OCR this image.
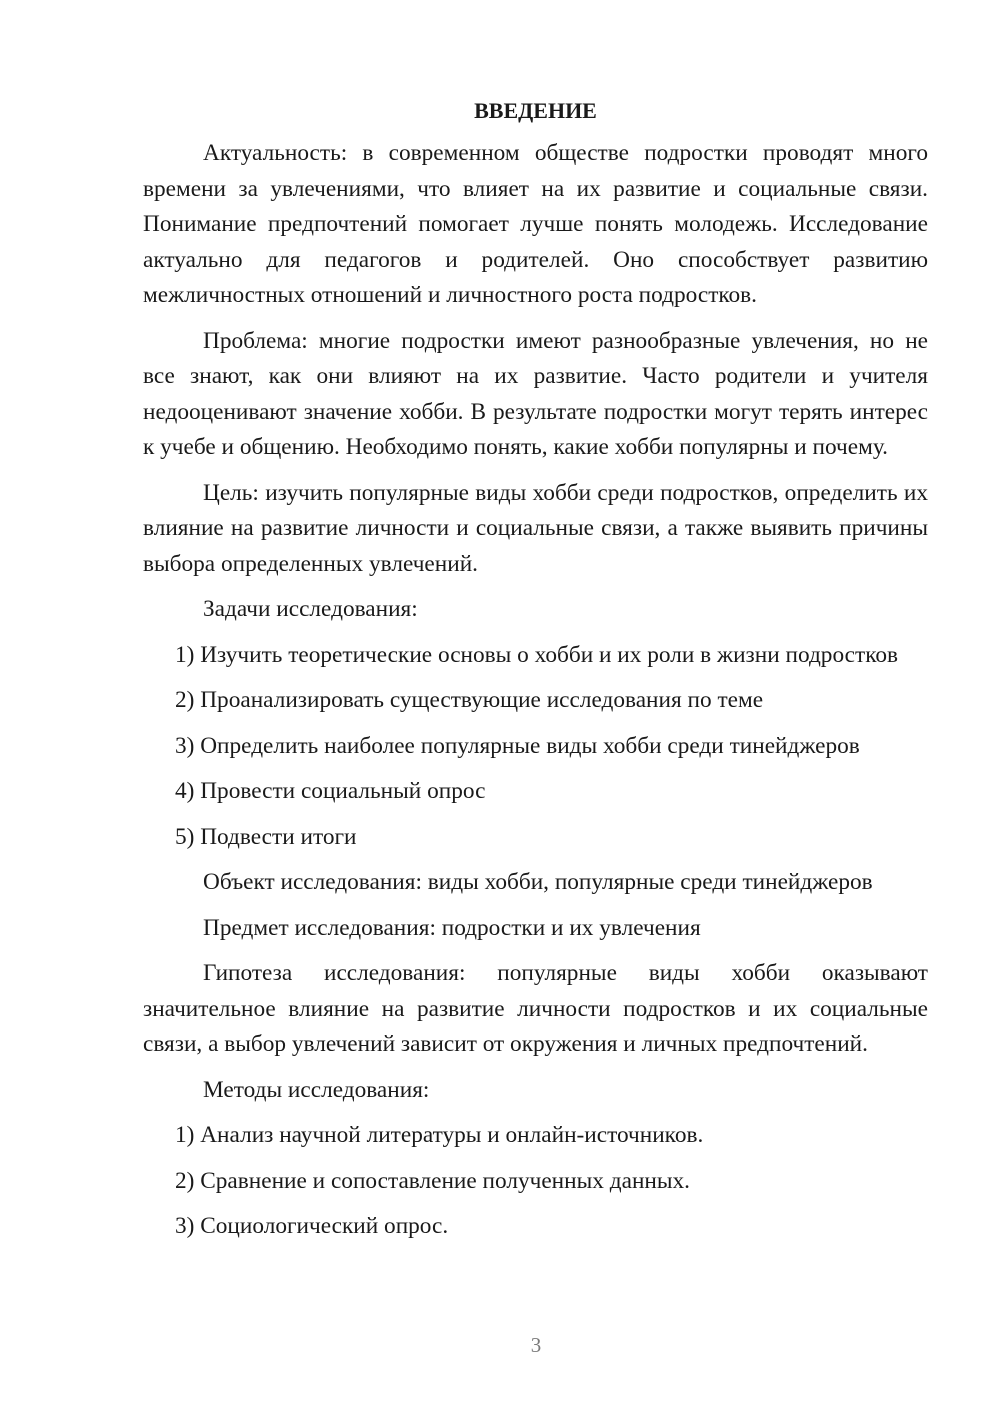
ВВЕДЕНИЕ
Актуальность: в современном обществе подростки проводят много времени за увлечениями, что влияет на их развитие и социальные связи. Понимание предпочтений помогает лучше понять молодежь. Исследование актуально для педагогов и родителей. Оно способствует развитию межличностных отношений и личностного роста подростков.
Проблема: многие подростки имеют разнообразные увлечения, но не все знают, как они влияют на их развитие. Часто родители и учителя недооценивают значение хобби. В результате подростки могут терять интерес к учебе и общению. Необходимо понять, какие хобби популярны и почему.
Цель: изучить популярные виды хобби среди подростков, определить их влияние на развитие личности и социальные связи, а также выявить причины выбора определенных увлечений.
Задачи исследования:
1) Изучить теоретические основы о хобби и их роли в жизни подростков
2) Проанализировать существующие исследования по теме
3) Определить наиболее популярные виды хобби среди тинейджеров
4) Провести социальный опрос
5) Подвести итоги
Объект исследования: виды хобби, популярные среди тинейджеров
Предмет исследования: подростки и их увлечения
Гипотеза исследования: популярные виды хобби оказывают значительное влияние на развитие личности подростков и их социальные связи, а выбор увлечений зависит от окружения и личных предпочтений.
Методы исследования:
1) Анализ научной литературы и онлайн-источников.
2) Сравнение и сопоставление полученных данных.
3) Социологический опрос.
3
